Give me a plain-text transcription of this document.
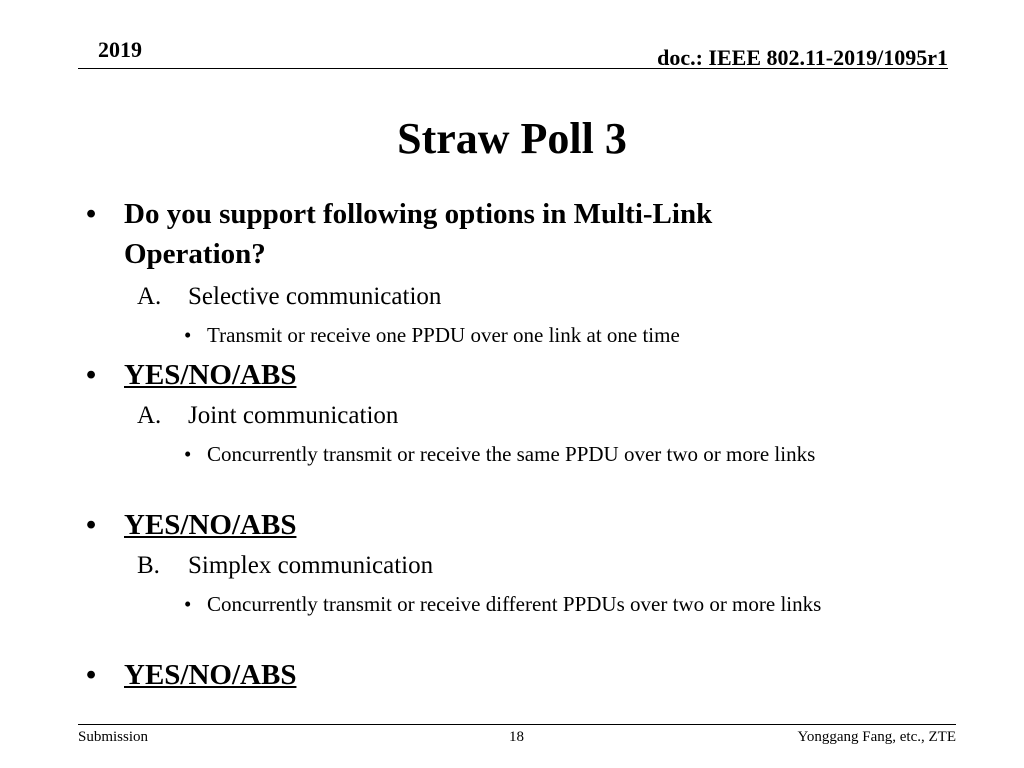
2019	doc.: IEEE 802.11-2019/1095r1
Straw Poll 3
• Do you support following options in Multi-Link Operation?
A. Selective communication
• Transmit or receive one PPDU over one link at one time
• YES/NO/ABS
A. Joint communication
• Concurrently transmit or receive the same PPDU over two or more links
• YES/NO/ABS
B. Simplex communication
• Concurrently transmit or receive different PPDUs over two or more links
• YES/NO/ABS
Submission	18	Yonggang Fang, etc., ZTE
